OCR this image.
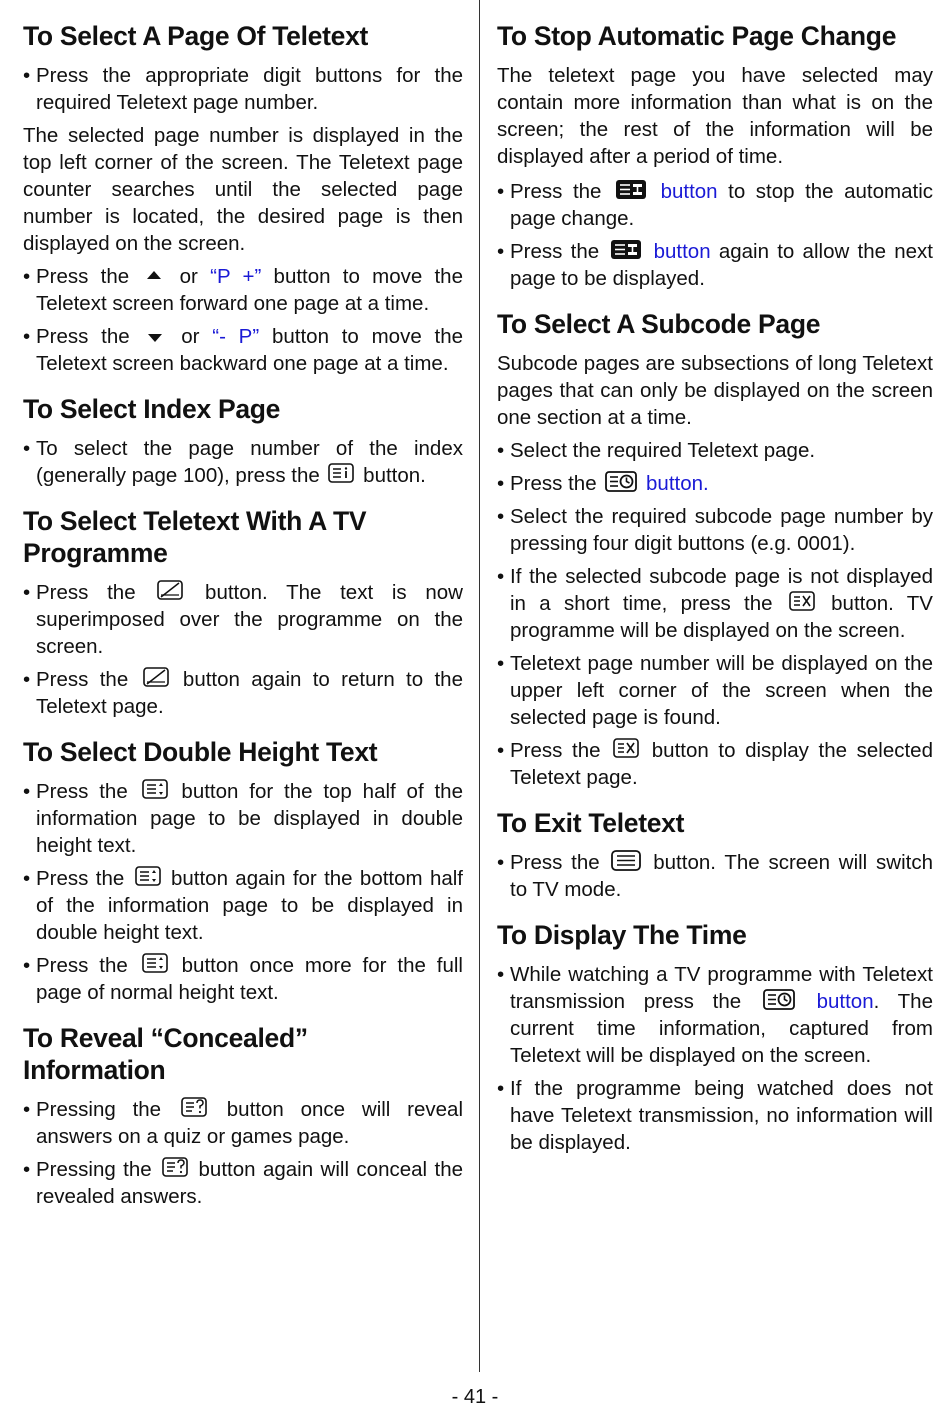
To Select A Page Of Teletext
• Press the appropriate digit buttons for the required Teletext page number.

The selected page number is displayed in the top left corner of the screen. The Teletext page counter searches until the selected page number is located, the desired page is then displayed on the screen.

• Press the or “P +” button to move the Teletext screen forward one page at a time.
• Press the	or “- P” button to move the Teletext screen backward one page at a time.
To Select Index Page
• To select the page number of the index (generally page 100), press the button.
To Select Teletext With A TV Programme
• Press the	button. The text is now superimposed over the programme on the screen.
• Press the	button again to return to the Teletext page.
To Select Double Height Text
• Press the	button for the top half of the information page to be displayed in double height text.
• Press the button again for the bottom half of the information page to be displayed in double height text.
• Press the	button once more for the full page of normal height text.
To Reveal “Concealed” Information
• Pressing the	button once will reveal answers on a quiz or games page.
• Pressing the button again will conceal the revealed answers.
To Stop Automatic Page Change

The teletext page you have selected may contain more information than what is on the screen; the rest of the information will be displayed after a period of time.

• Press the	button to stop the automatic page change.
• Press the	button again to allow the next page to be displayed.
To Select A Subcode Page

Subcode pages are subsections of long Teletext pages that can only be displayed on the screen one section at a time.

• Select the required Teletext page.
• Press the button.
• Select the required subcode page number by pressing four digit buttons (e.g. 0001).
• If the selected subcode page is not displayed in a short time, press the	button. TV programme will be displayed on the screen.
• Teletext page number will be displayed on the upper left corner of the screen when the selected page is found.
• Press the	button to display the selected Teletext page.
To Exit Teletext
• Press the	button. The screen will switch to TV mode.
To Display The Time
• While watching a TV programme with Teletext transmission press the	button. The current time information, captured from Teletext will be displayed on the screen.
• If the programme being watched does not have Teletext transmission, no information will be displayed.
- 41 -
